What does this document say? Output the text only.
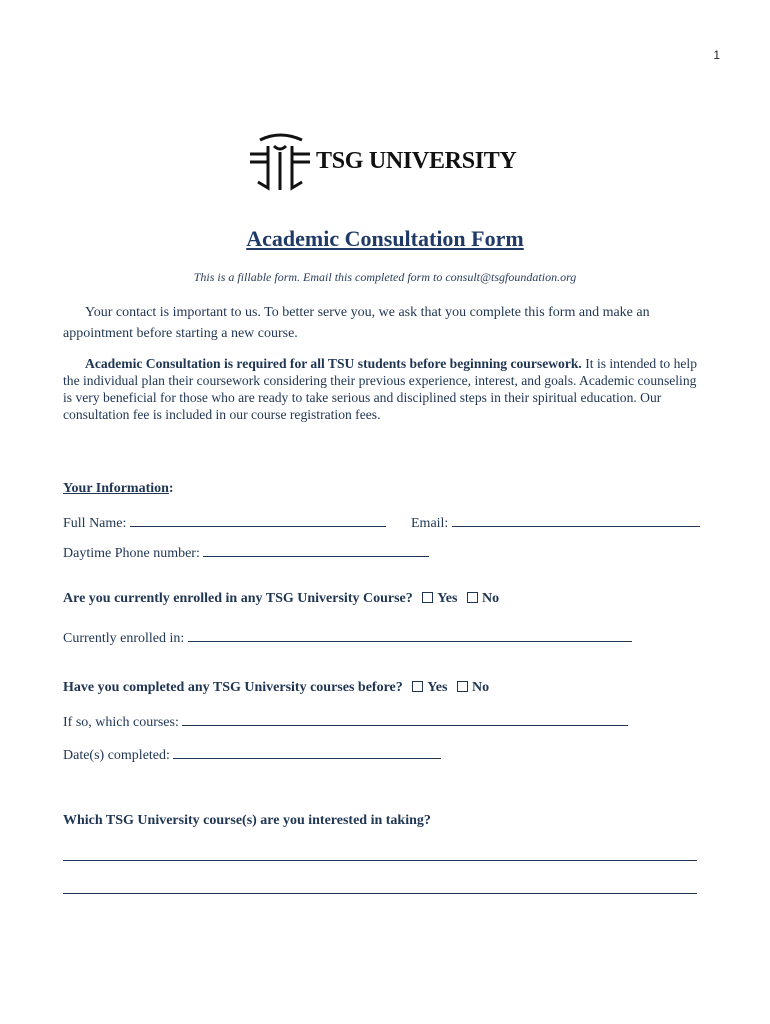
1
TSG UNIVERSITY
Academic Consultation Form
This is a fillable form. Email this completed form to consult@tsgfoundation.org
Your contact is important to us. To better serve you, we ask that you complete this form and make an appointment before starting a new course.
Academic Consultation is required for all TSU students before beginning coursework. It is intended to help the individual plan their coursework considering their previous experience, interest, and goals. Academic counseling is very beneficial for those who are ready to take serious and disciplined steps in their spiritual education. Our consultation fee is included in our course registration fees.
Your Information:
Full Name:	Email:
Daytime Phone number:
Are you currently enrolled in any TSG University Course? Yes No
Currently enrolled in:
Have you completed any TSG University courses before? Yes No
If so, which courses:
Date(s) completed:
Which TSG University course(s) are you interested in taking?
